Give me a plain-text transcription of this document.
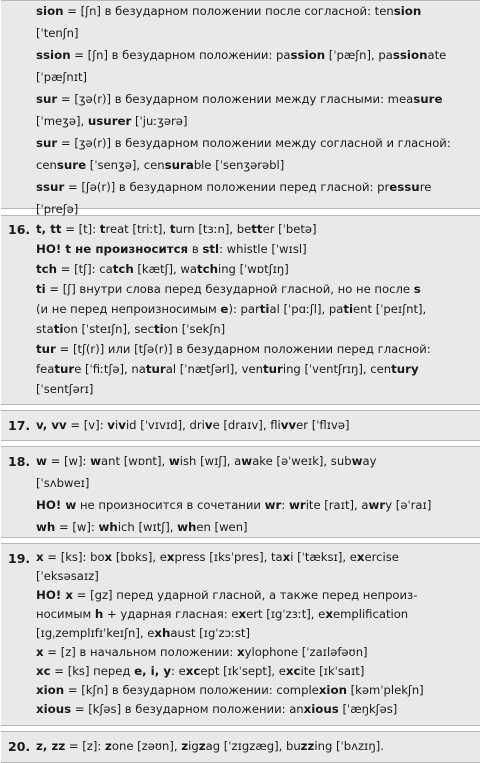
sion = [ʃn] в безударном положении после согласной: tension
[ˈtenʃn]
ssion = [ʃn] в безударном положении: passion [ˈpæʃn], passionate
[ˈpæʃnɪt]
sur = [ʒə(r)] в безударном положении между гласными: measure
[ˈmeʒə], usurer [ˈjuːʒərə]
sur = [ʒə(r)] в безударном положении между согласной и гласной:
censure [ˈsenʒə], censurable [ˈsenʒərəbl]
ssur = [ʃə(r)] в безударном положении перед гласной: pressure
[ˈpreʃə]
16. t, tt = [t]: treat [triːt], turn [tɜːn], better [ˈbetə]
НО! t не произносится в stl: whistle [ˈwɪsl]
tch = [tʃ]: catch [kætʃ], watching [ˈwɒtʃɪŋ]
ti = [ʃ] внутри слова перед безударной гласной, но не после s
(и не перед непроизносимым e): partial [ˈpɑːʃl], patient [ˈpeɪʃnt],
station [ˈsteɪʃn], section [ˈsekʃn]
tur = [tʃ(r)] или [tʃə(r)] в безударном положении перед гласной:
feature [ˈfiːtʃə], natural [ˈnætʃərl], venturing [ˈventʃrɪŋ], century
[ˈsentʃərɪ]
17. v, vv = [v]: vivid [ˈvɪvɪd], drive [draɪv], flivver [ˈflɪvə]
18. w = [w]: want [wɒnt], wish [wɪʃ], awake [əˈweɪk], subway
[ˈsʌbweɪ]
НО! w не произносится в сочетании wr: write [raɪt], awry [əˈraɪ]
wh = [w]: which [wɪtʃ], when [wen]
19. x = [ks]: box [bɒks], express [ɪksˈpres], taxi [ˈtæksɪ], exercise
[ˈeksəsaɪz]
НО! x = [gz] перед ударной гласной, а также перед непроиз-
носимым h + ударная гласная: exert [ɪgˈzɜːt], exemplification
[ɪgˌzemplɪfɪˈkeɪʃn], exhaust [ɪgˈzɔːst]
x = [z] в начальном положении: xylophone [ˈzaɪləfəʊn]
xc = [ks] перед e, i, y: except [ɪkˈsept], excite [ɪkˈsaɪt]
xion = [kʃn] в безударном положении: complexion [kəmˈplekʃn]
xious = [kʃəs] в безударном положении: anxious [ˈæŋkʃəs]
20. z, zz = [z]: zone [zəʊn], zigzag [ˈzɪgzæg], buzzing [ˈbʌzɪŋ].
